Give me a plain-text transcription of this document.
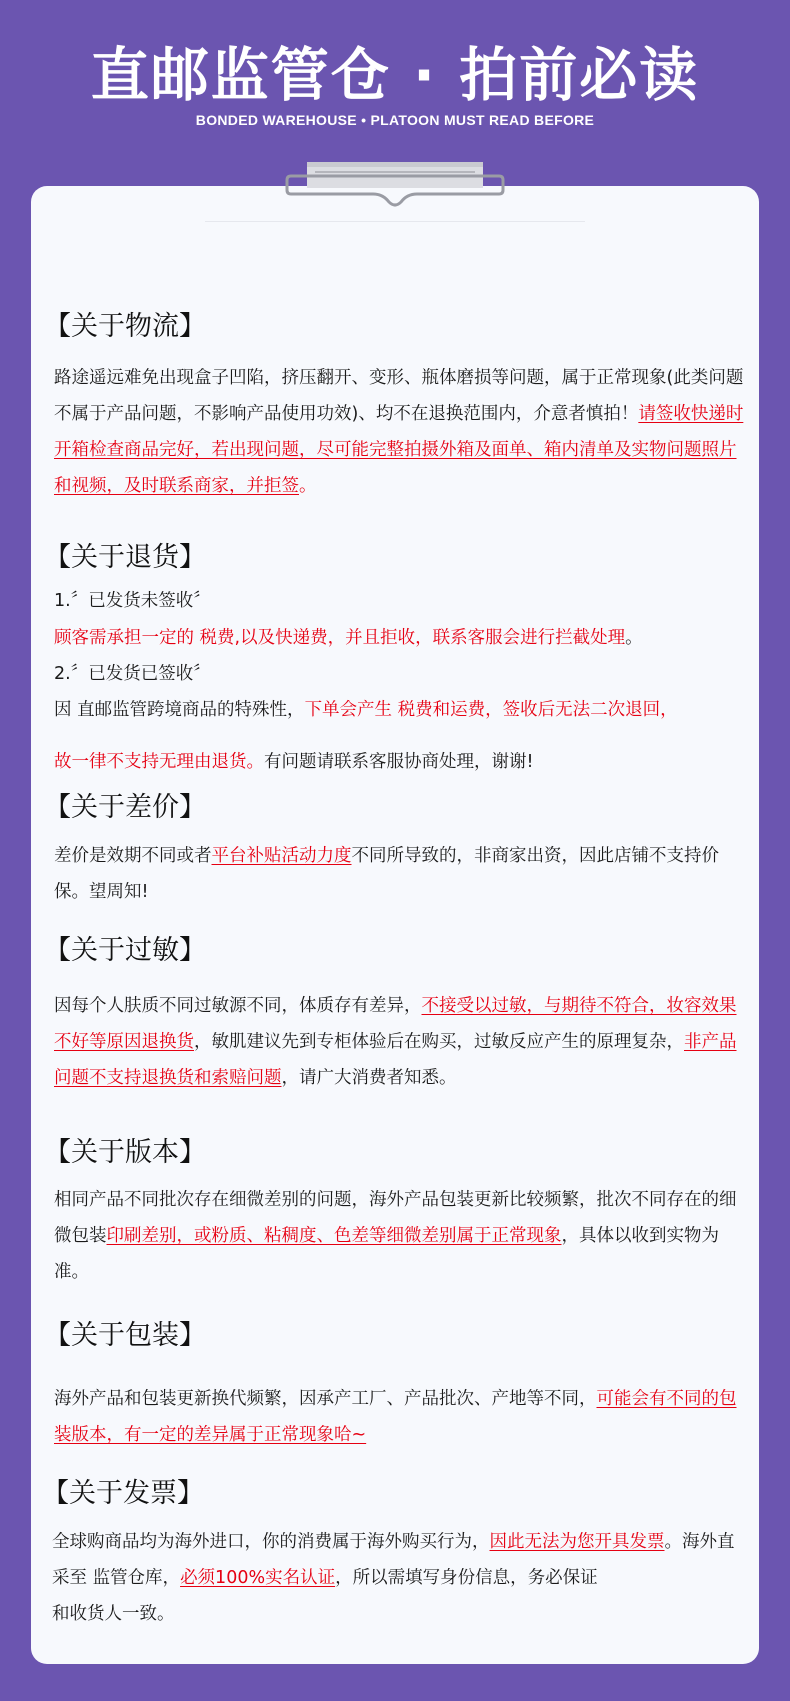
直邮监管仓 · 拍前必读
BONDED WAREHOUSE • PLATOON MUST READ BEFORE
【关于物流】
路途遥远难免出现盒子凹陷，挤压翻开、变形、瓶体磨损等问题，属于正常现象(此类问题不属于产品问题，不影响产品使用功效)、均不在退换范围内，介意者慎拍！请签收快递时开箱检查商品完好，若出现问题，尽可能完整拍摄外箱及面单、箱内清单及实物问题照片和视频，及时联系商家，并拒签。
【关于退货】
1.〞已发货未签收〞
顾客需承担一定的 税费,以及快递费，并且拒收，联系客服会进行拦截处理。
2.〞已发货已签收〞
因 直邮监管跨境商品的特殊性，下单会产生 税费和运费，签收后无法二次退回，
故一律不支持无理由退货。有问题请联系客服协商处理，谢谢!
【关于差价】
差价是效期不同或者平台补贴活动力度不同所导致的，非商家出资，因此店铺不支持价保。望周知!
【关于过敏】
因每个人肤质不同过敏源不同，体质存有差异，不接受以过敏，与期待不符合，妆容效果不好等原因退换货，敏肌建议先到专柜体验后在购买，过敏反应产生的原理复杂，非产品问题不支持退换货和索赔问题，请广大消费者知悉。
【关于版本】
相同产品不同批次存在细微差别的问题，海外产品包装更新比较频繁，批次不同存在的细微包装印刷差别，或粉质、粘稠度、色差等细微差别属于正常现象，具体以收到实物为准。
【关于包装】
海外产品和包装更新换代频繁，因承产工厂、产品批次、产地等不同，可能会有不同的包装版本，有一定的差异属于正常现象哈~
【关于发票】
全球购商品均为海外进口，你的消费属于海外购买行为，因此无法为您开具发票。海外直采至 监管仓库，必须100%实名认证，所以需填写身份信息，务必保证
和收货人一致。
